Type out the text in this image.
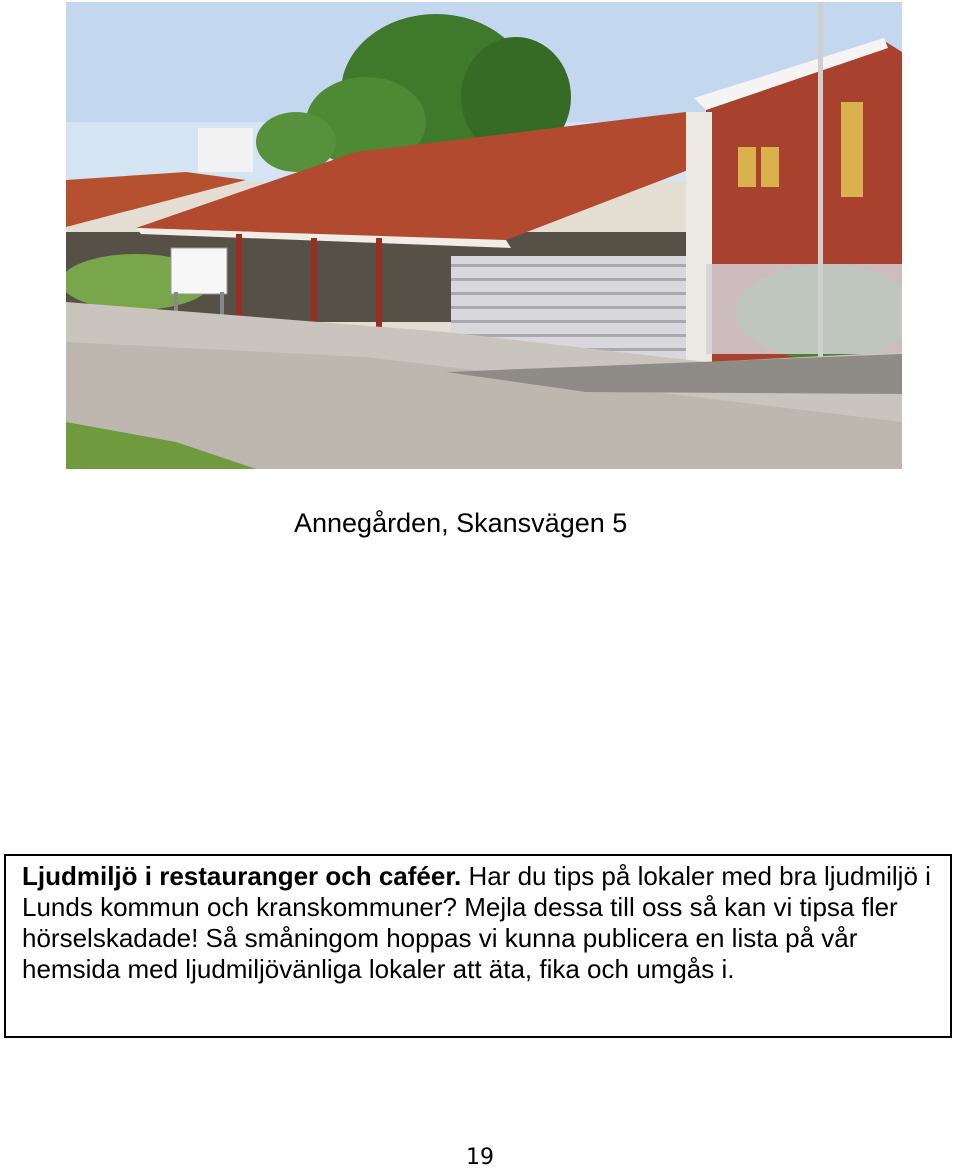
Annegården, Skansvägen 5
Ljudmiljö i restauranger och caféer. Har du tips på lokaler med bra ljudmiljö i Lunds kommun och kranskommuner? Mejla dessa till oss så kan vi tipsa fler hörselskadade! Så småningom hoppas vi kunna publicera en lista på vår hemsida med ljudmiljövänliga lokaler att äta, fika och umgås i.
19
